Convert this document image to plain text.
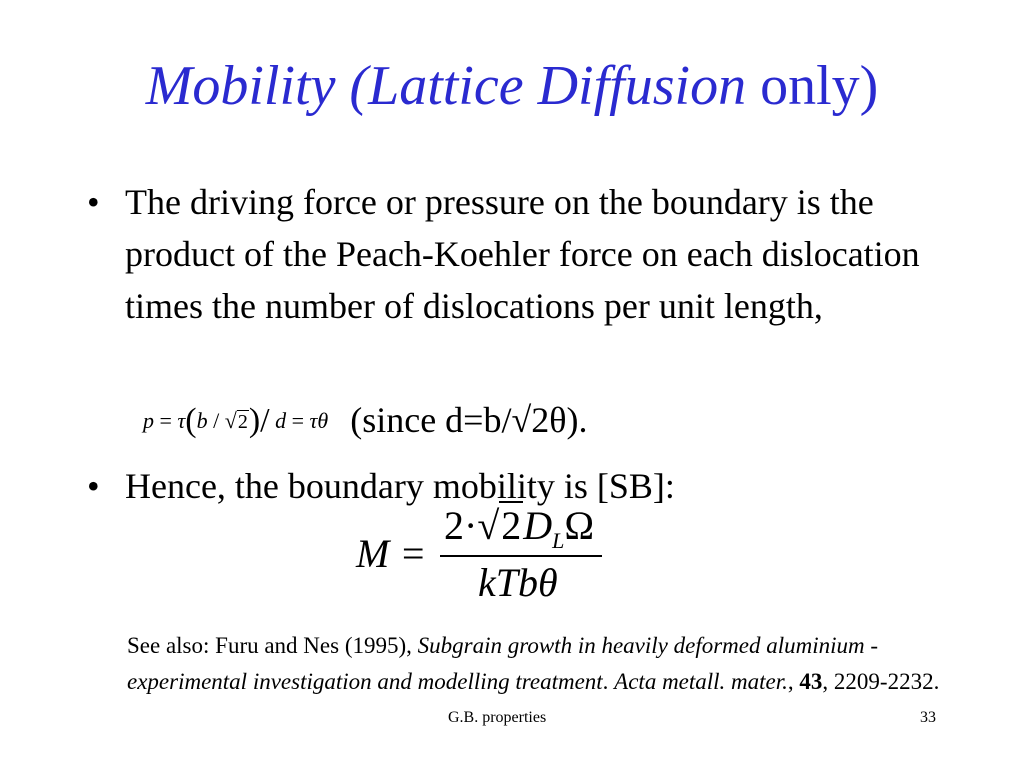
Mobility (Lattice Diffusion only)
• The driving force or pressure on the boundary is the product of the Peach-Koehler force on each dislocation times the number of dislocations per unit length,
p = τ(b / √2)/ d = τθ (since d=b/√2θ).
• Hence, the boundary mobility is [SB]:
M =
$2\cdot√2D_L\Omega$
kTbθ
See also: Furu and Nes (1995), Subgrain growth in heavily deformed aluminium - experimental investigation and modelling treatment. Acta metall. mater., 43, 2209-2232.
G.B. properties	33
